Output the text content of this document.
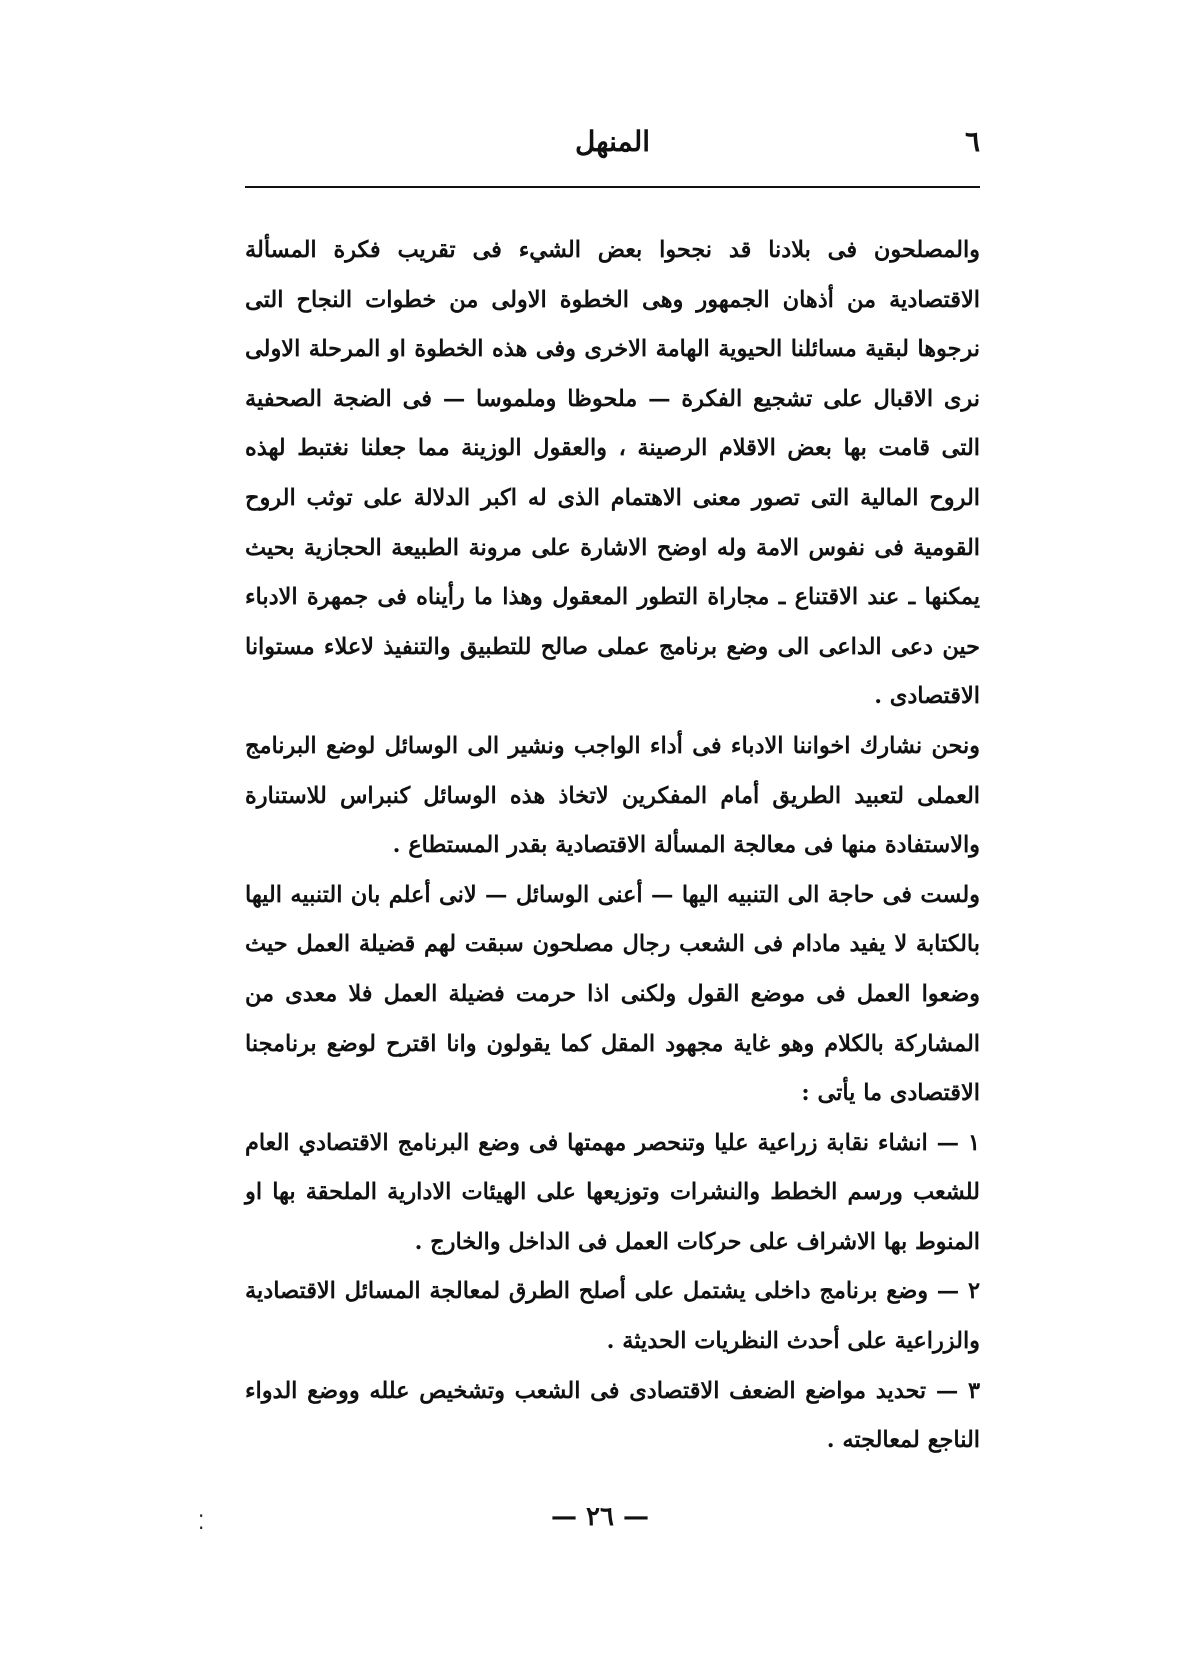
٦
المنهل

والمصلحون فى بلادنا قد نجحوا بعض الشيء فى تقريب فكرة المسألة الاقتصادية من أذهان الجمهور وهى الخطوة الاولى من خطوات النجاح التى نرجوها لبقية مسائلنا الحيوية الهامة الاخرى وفى هذه الخطوة او المرحلة الاولى نرى الاقبال على تشجيع الفكرة — ملحوظا وملموسا — فى الضجة الصحفية التى قامت بها بعض الاقلام الرصينة ، والعقول الوزينة مما جعلنا نغتبط لهذه الروح المالية التى تصور معنى الاهتمام الذى له اكبر الدلالة على توثب الروح القومية فى نفوس الامة وله اوضح الاشارة على مرونة الطبيعة الحجازية بحيث يمكنها ـ عند الاقتناع ـ مجاراة التطور المعقول وهذا ما رأيناه فى جمهرة الادباء حين دعى الداعى الى وضع برنامج عملى صالح للتطبيق والتنفيذ لاعلاء مستوانا الاقتصادى .

ونحن نشارك اخواننا الادباء فى أداء الواجب ونشير الى الوسائل لوضع البرنامج العملى لتعبيد الطريق أمام المفكرين لاتخاذ هذه الوسائل كنبراس للاستنارة والاستفادة منها فى معالجة المسألة الاقتصادية بقدر المستطاع .

ولست فى حاجة الى التنبيه اليها — أعنى الوسائل — لانى أعلم بان التنبيه اليها بالكتابة لا يفيد مادام فى الشعب رجال مصلحون سبقت لهم قضيلة العمل حيث وضعوا العمل فى موضع القول ولكنى اذا حرمت فضيلة العمل فلا معدى من المشاركة بالكلام وهو غاية مجهود المقل كما يقولون وانا اقترح لوضع برنامجنا الاقتصادى ما يأتى :

١ — انشاء نقابة زراعية عليا وتنحصر مهمتها فى وضع البرنامج الاقتصادي العام للشعب ورسم الخطط والنشرات وتوزيعها على الهيئات الادارية الملحقة بها او المنوط بها الاشراف على حركات العمل فى الداخل والخارج .

٢ — وضع برنامج داخلى يشتمل على أصلح الطرق لمعالجة المسائل الاقتصادية والزراعية على أحدث النظريات الحديثة .

٣ — تحديد مواضع الضعف الاقتصادى فى الشعب وتشخيص علله ووضع الدواء الناجع لمعالجته .

— ٢٦ —
⁚
